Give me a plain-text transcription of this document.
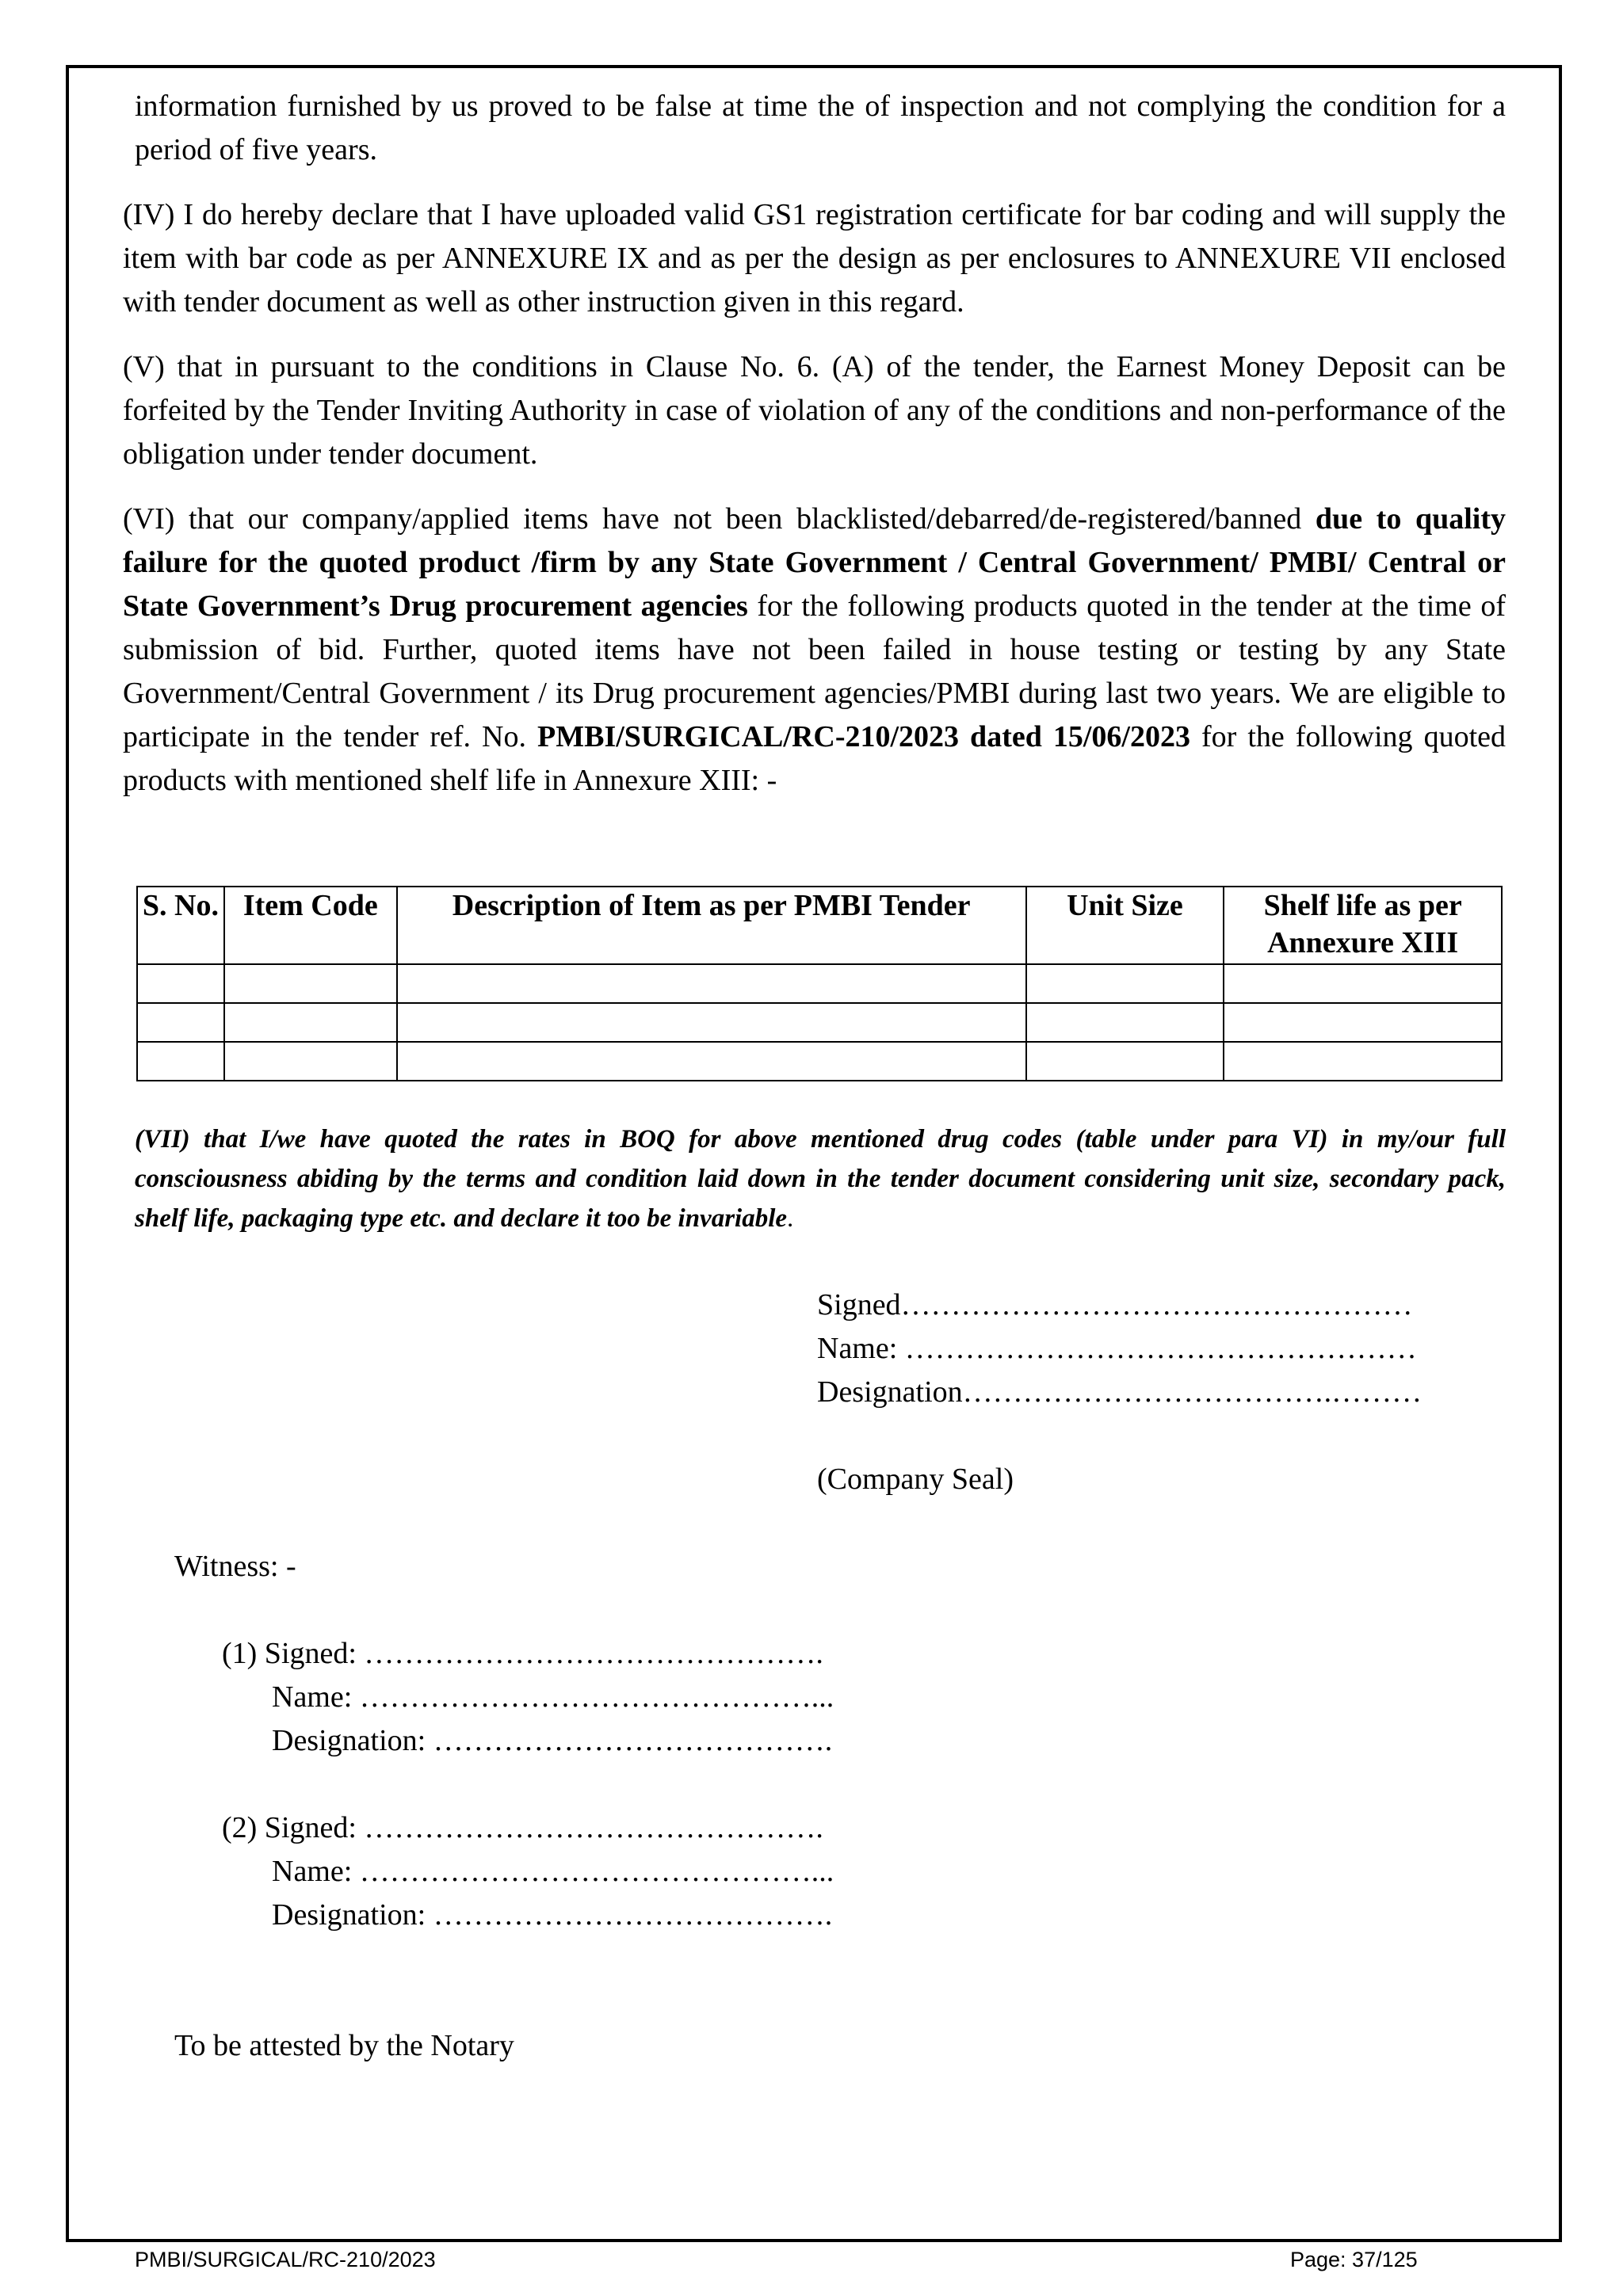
information furnished by us proved to be false at time the of inspection and not complying the condition for a period of five years.

(IV) I do hereby declare that I have uploaded valid GS1 registration certificate for bar coding and will supply the item with bar code as per ANNEXURE IX and as per the design as per enclosures to ANNEXURE VII enclosed with tender document as well as other instruction given in this regard.

(V) that in pursuant to the conditions in Clause No. 6. (A) of the tender, the Earnest Money Deposit can be forfeited by the Tender Inviting Authority in case of violation of any of the conditions and non-performance of the obligation under tender document.

(VI) that our company/applied items have not been blacklisted/debarred/de-registered/banned due to quality failure for the quoted product /firm by any State Government / Central Government/ PMBI/ Central or State Government’s Drug procurement agencies for the following products quoted in the tender at the time of submission of bid. Further, quoted items have not been failed in house testing or testing by any State Government/Central Government / its Drug procurement agencies/PMBI during last two years. We are eligible to participate in the tender ref. No. PMBI/SURGICAL/RC-210/2023 dated 15/06/2023 for the following quoted products with mentioned shelf life in Annexure XIII: -

S. No.	Item Code	Description of Item as per PMBI Tender	Unit Size	Shelf life as per Annexure XIII

(VII) that I/we have quoted the rates in BOQ for above mentioned drug codes (table under para VI) in my/our full consciousness abiding by the terms and condition laid down in the tender document considering unit size, secondary pack, shelf life, packaging type etc. and declare it too be invariable.

Signed……………………………………………

Name: ……………………………………………

Designation……………………………….………

(Company Seal)

Witness: -

(1) Signed: ……………………………………….

Name: ………………………………………...

Designation: ………………………………….

(2) Signed: ……………………………………….

Name: ………………………………………...

Designation: ………………………………….

To be attested by the Notary

PMBI/SURGICAL/RC-210/2023	Page: 37/125
